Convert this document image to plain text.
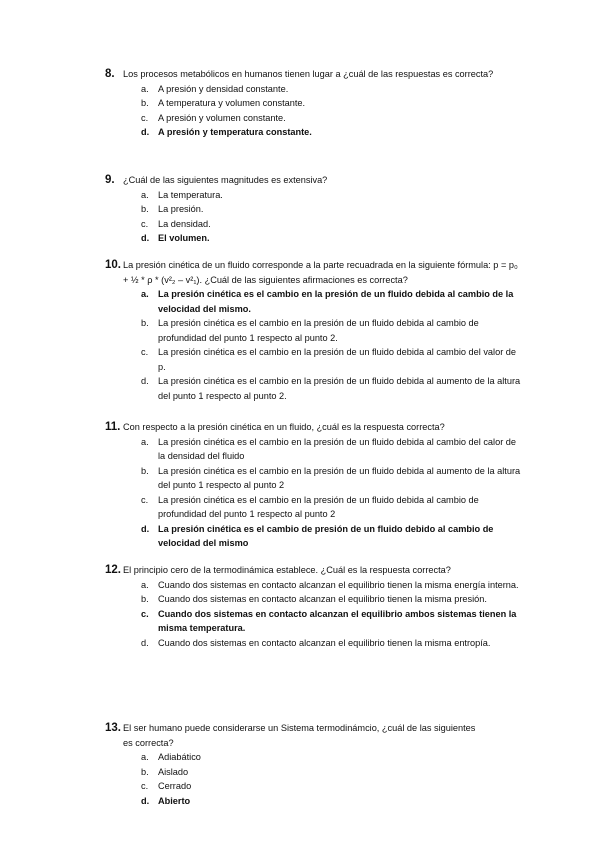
8. Los procesos metabólicos en humanos tienen lugar a ¿cuál de las respuestas es correcta?
a. A presión y densidad constante.
b. A temperatura y volumen constante.
c. A presión y volumen constante.
d. A presión y temperatura constante.
9. ¿Cuál de las siguientes magnitudes es extensiva?
a. La temperatura.
b. La presión.
c. La densidad.
d. El volumen.
10. La presión cinética de un fluido corresponde a la parte recuadrada en la siguiente fórmula: p = p₀ + ½ * ρ * (v²₂ – v²₁). ¿Cuál de las siguientes afirmaciones es correcta?
a. La presión cinética es el cambio en la presión de un fluido debida al cambio de la velocidad del mismo.
b. La presión cinética es el cambio en la presión de un fluido debida al cambio de profundidad del punto 1 respecto al punto 2.
c. La presión cinética es el cambio en la presión de un fluido debida al cambio del valor de p.
d. La presión cinética es el cambio en la presión de un fluido debida al aumento de la altura del punto 1 respecto al punto 2.
11. Con respecto a la presión cinética en un fluido, ¿cuál es la respuesta correcta?
a. La presión cinética es el cambio en la presión de un fluido debida al cambio del calor de la densidad del fluido
b. La presión cinética es el cambio en la presión de un fluido debida al aumento de la altura del punto 1 respecto al punto 2
c. La presión cinética es el cambio en la presión de un fluido debida al cambio de profundidad del punto 1 respecto al punto 2
d. La presión cinética es el cambio de presión de un fluido debido al cambio de velocidad del mismo
12. El principio cero de la termodinámica establece. ¿Cuál es la respuesta correcta?
a. Cuando dos sistemas en contacto alcanzan el equilibrio tienen la misma energía interna.
b. Cuando dos sistemas en contacto alcanzan el equilibrio tienen la misma presión.
c. Cuando dos sistemas en contacto alcanzan el equilibrio ambos sistemas tienen la misma temperatura.
d. Cuando dos sistemas en contacto alcanzan el equilibrio tienen la misma entropía.
13. El ser humano puede considerarse un Sistema termodinámcio, ¿cuál de las siguientes es correcta?
a. Adiabático
b. Aislado
c. Cerrado
d. Abierto
